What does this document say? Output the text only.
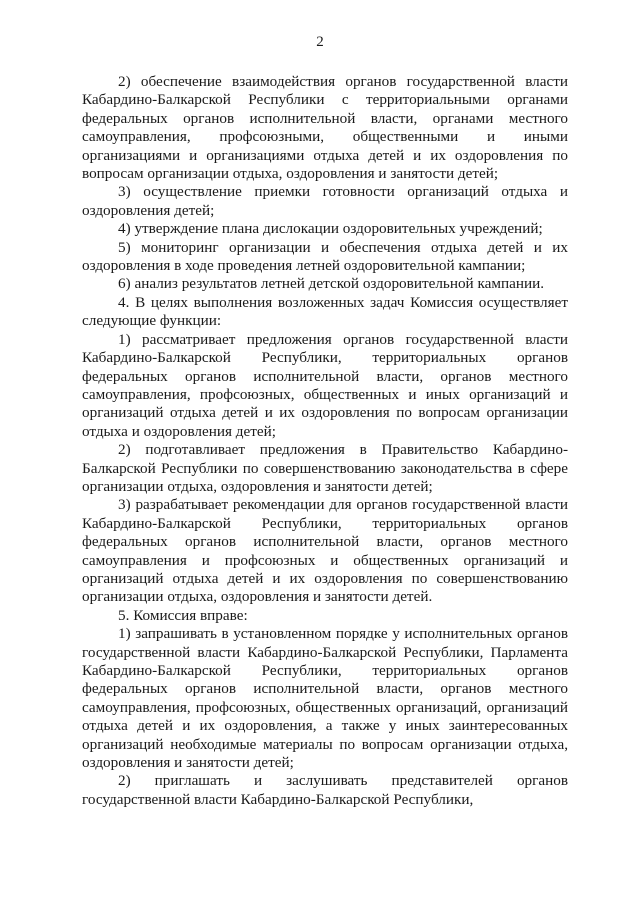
2

2) обеспечение взаимодействия органов государственной власти Кабардино-Балкарской Республики с территориальными органами федеральных органов исполнительной власти, органами местного самоуправления, профсоюзными, общественными и иными организациями и организациями отдыха детей и их оздоровления по вопросам организации отдыха, оздоровления и занятости детей;

3) осуществление приемки готовности организаций отдыха и оздоровления детей;

4) утверждение плана дислокации оздоровительных учреждений;

5) мониторинг организации и обеспечения отдыха детей и их оздоровления в ходе проведения летней оздоровительной кампании;

6) анализ результатов летней детской оздоровительной кампании.

4. В целях выполнения возложенных задач Комиссия осуществляет следующие функции:

1) рассматривает предложения органов государственной власти Кабардино-Балкарской Республики, территориальных органов федеральных органов исполнительной власти, органов местного самоуправления, профсоюзных, общественных и иных организаций и организаций отдыха детей и их оздоровления по вопросам организации отдыха и оздоровления детей;

2) подготавливает предложения в Правительство Кабардино-Балкарской Республики по совершенствованию законодательства в сфере организации отдыха, оздоровления и занятости детей;

3) разрабатывает рекомендации для органов государственной власти Кабардино-Балкарской Республики, территориальных органов федеральных органов исполнительной власти, органов местного самоуправления и профсоюзных и общественных организаций и организаций отдыха детей и их оздоровления по совершенствованию организации отдыха, оздоровления и занятости детей.

5. Комиссия вправе:

1) запрашивать в установленном порядке у исполнительных органов государственной власти Кабардино-Балкарской Республики, Парламента Кабардино-Балкарской Республики, территориальных органов федеральных органов исполнительной власти, органов местного самоуправления, профсоюзных, общественных организаций, организаций отдыха детей и их оздоровления, а также у иных заинтересованных организаций необходимые материалы по вопросам организации отдыха, оздоровления и занятости детей;

2) приглашать и заслушивать представителей органов государственной власти Кабардино-Балкарской Республики,
